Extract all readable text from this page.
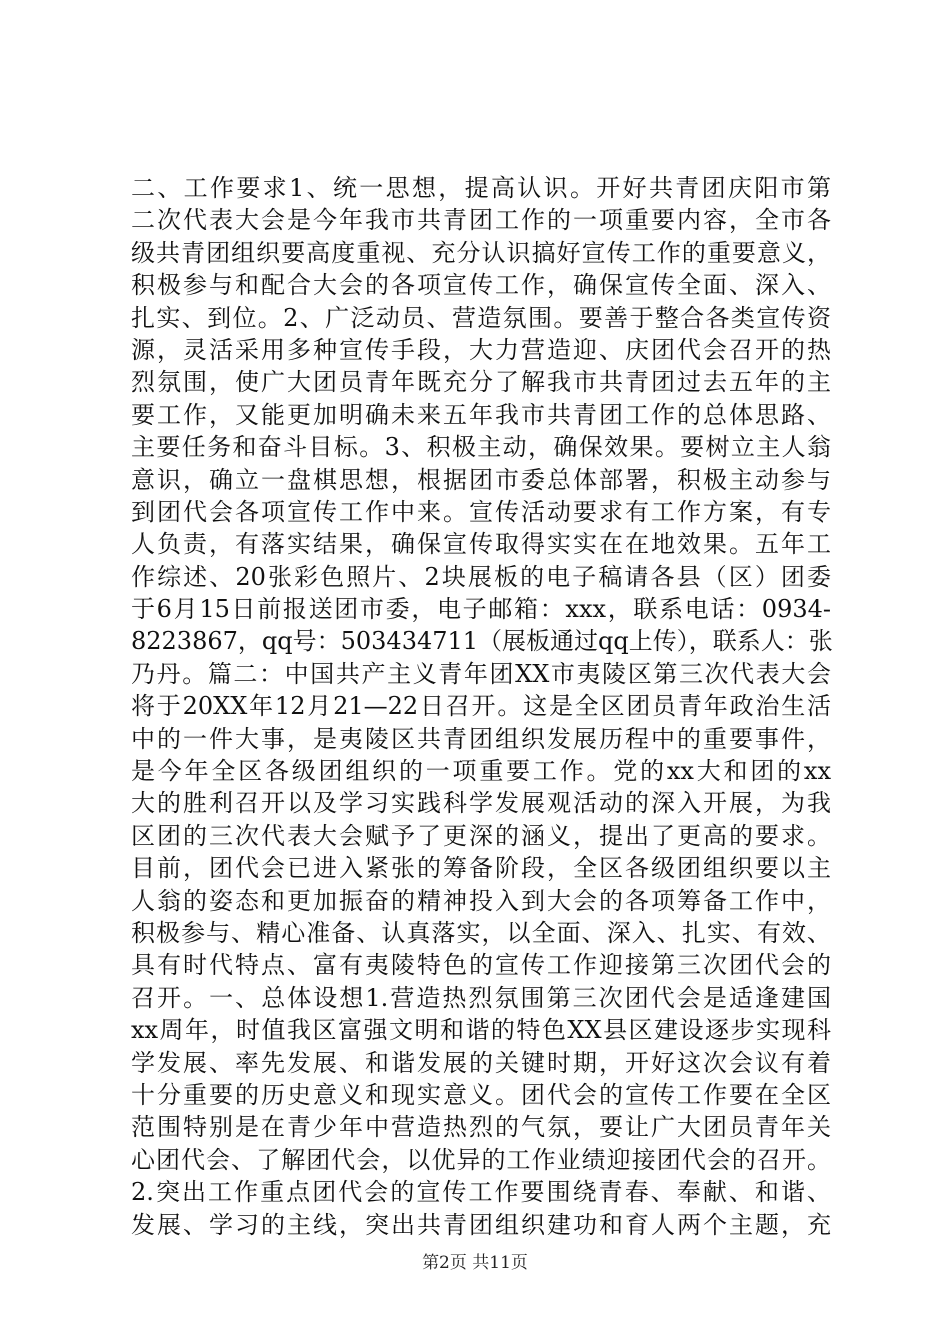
二、工作要求1、统一思想，提高认识。开好共青团庆阳市第
二次代表大会是今年我市共青团工作的一项重要内容，全市各
级共青团组织要高度重视、充分认识搞好宣传工作的重要意义，
积极参与和配合大会的各项宣传工作，确保宣传全面、深入、
扎实、到位。2、广泛动员、营造氛围。要善于整合各类宣传资
源，灵活采用多种宣传手段，大力营造迎、庆团代会召开的热
烈氛围，使广大团员青年既充分了解我市共青团过去五年的主
要工作，又能更加明确未来五年我市共青团工作的总体思路、
主要任务和奋斗目标。3、积极主动，确保效果。要树立主人翁
意识，确立一盘棋思想，根据团市委总体部署，积极主动参与
到团代会各项宣传工作中来。宣传活动要求有工作方案，有专
人负责，有落实结果，确保宣传取得实实在在地效果。五年工
作综述、20张彩色照片、2块展板的电子稿请各县（区）团委
于6月15日前报送团市委，电子邮箱：xxx，联系电话：0934-
8223867，qq号：503434711（展板通过qq上传），联系人：张
乃丹。篇二：中国共产主义青年团XX市夷陵区第三次代表大会
将于20XX年12月21—22日召开。这是全区团员青年政治生活
中的一件大事，是夷陵区共青团组织发展历程中的重要事件，
是今年全区各级团组织的一项重要工作。党的xx大和团的xx
大的胜利召开以及学习实践科学发展观活动的深入开展，为我
区团的三次代表大会赋予了更深的涵义，提出了更高的要求。
目前，团代会已进入紧张的筹备阶段，全区各级团组织要以主
人翁的姿态和更加振奋的精神投入到大会的各项筹备工作中，
积极参与、精心准备、认真落实，以全面、深入、扎实、有效、
具有时代特点、富有夷陵特色的宣传工作迎接第三次团代会的
召开。一、总体设想1.营造热烈氛围第三次团代会是适逢建国
xx周年，时值我区富强文明和谐的特色XX县区建设逐步实现科
学发展、率先发展、和谐发展的关键时期，开好这次会议有着
十分重要的历史意义和现实意义。团代会的宣传工作要在全区
范围特别是在青少年中营造热烈的气氛，要让广大团员青年关
心团代会、了解团代会，以优异的工作业绩迎接团代会的召开。
2.突出工作重点团代会的宣传工作要围绕青春、奉献、和谐、
发展、学习的主线，突出共青团组织建功和育人两个主题，充
第2页 共11页
